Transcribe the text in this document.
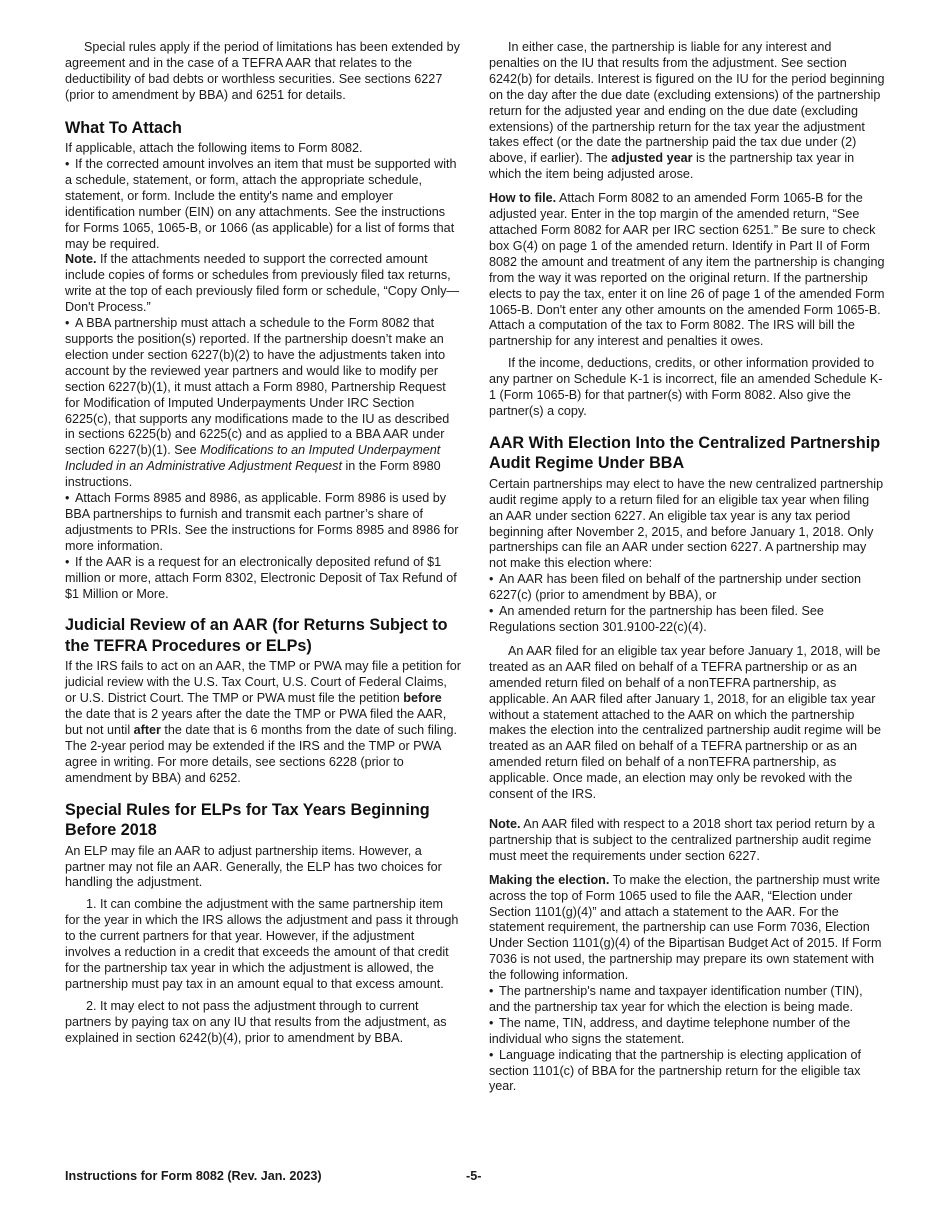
Special rules apply if the period of limitations has been extended by agreement and in the case of a TEFRA AAR that relates to the deductibility of bad debts or worthless securities. See sections 6227 (prior to amendment by BBA) and 6251 for details.

What To Attach

If applicable, attach the following items to Form 8082.

• If the corrected amount involves an item that must be supported with a schedule, statement, or form, attach the appropriate schedule, statement, or form. Include the entity's name and employer identification number (EIN) on any attachments. See the instructions for Forms 1065, 1065-B, or 1066 (as applicable) for a list of forms that may be required.

Note. If the attachments needed to support the corrected amount include copies of forms or schedules from previously filed tax returns, write at the top of each previously filed form or schedule, “Copy Only—Don't Process.”

• A BBA partnership must attach a schedule to the Form 8082 that supports the position(s) reported. If the partnership doesn’t make an election under section 6227(b)(2) to have the adjustments taken into account by the reviewed year partners and would like to modify per section 6227(b)(1), it must attach a Form 8980, Partnership Request for Modification of Imputed Underpayments Under IRC Section 6225(c), that supports any modifications made to the IU as described in sections 6225(b) and 6225(c) and as applied to a BBA AAR under section 6227(b)(1). See Modifications to an Imputed Underpayment Included in an Administrative Adjustment Request in the Form 8980 instructions.

• Attach Forms 8985 and 8986, as applicable. Form 8986 is used by BBA partnerships to furnish and transmit each partner’s share of adjustments to PRIs. See the instructions for Forms 8985 and 8986 for more information.

• If the AAR is a request for an electronically deposited refund of $1 million or more, attach Form 8302, Electronic Deposit of Tax Refund of $1 Million or More.

Judicial Review of an AAR (for Returns Subject to the TEFRA Procedures or ELPs)

If the IRS fails to act on an AAR, the TMP or PWA may file a petition for judicial review with the U.S. Tax Court, U.S. Court of Federal Claims, or U.S. District Court. The TMP or PWA must file the petition before the date that is 2 years after the date the TMP or PWA filed the AAR, but not until after the date that is 6 months from the date of such filing. The 2-year period may be extended if the IRS and the TMP or PWA agree in writing. For more details, see sections 6228 (prior to amendment by BBA) and 6252.

Special Rules for ELPs for Tax Years Beginning Before 2018

An ELP may file an AAR to adjust partnership items. However, a partner may not file an AAR. Generally, the ELP has two choices for handling the adjustment.

1. It can combine the adjustment with the same partnership item for the year in which the IRS allows the adjustment and pass it through to the current partners for that year. However, if the adjustment involves a reduction in a credit that exceeds the amount of that credit for the partnership tax year in which the adjustment is allowed, the partnership must pay tax in an amount equal to that excess amount.

2. It may elect to not pass the adjustment through to current partners by paying tax on any IU that results from the adjustment, as explained in section 6242(b)(4), prior to amendment by BBA.

In either case, the partnership is liable for any interest and penalties on the IU that results from the adjustment. See section 6242(b) for details. Interest is figured on the IU for the period beginning on the day after the due date (excluding extensions) of the partnership return for the adjusted year and ending on the due date (excluding extensions) of the partnership return for the tax year the adjustment takes effect (or the date the partnership paid the tax due under (2) above, if earlier). The adjusted year is the partnership tax year in which the item being adjusted arose.

How to file. Attach Form 8082 to an amended Form 1065-B for the adjusted year. Enter in the top margin of the amended return, “See attached Form 8082 for AAR per IRC section 6251.” Be sure to check box G(4) on page 1 of the amended return. Identify in Part II of Form 8082 the amount and treatment of any item the partnership is changing from the way it was reported on the original return. If the partnership elects to pay the tax, enter it on line 26 of page 1 of the amended Form 1065-B. Don't enter any other amounts on the amended Form 1065-B. Attach a computation of the tax to Form 8082. The IRS will bill the partnership for any interest and penalties it owes.

If the income, deductions, credits, or other information provided to any partner on Schedule K-1 is incorrect, file an amended Schedule K-1 (Form 1065-B) for that partner(s) with Form 8082. Also give the partner(s) a copy.

AAR With Election Into the Centralized Partnership Audit Regime Under BBA

Certain partnerships may elect to have the new centralized partnership audit regime apply to a return filed for an eligible tax year when filing an AAR under section 6227. An eligible tax year is any tax period beginning after November 2, 2015, and before January 1, 2018. Only partnerships can file an AAR under section 6227. A partnership may not make this election where:

• An AAR has been filed on behalf of the partnership under section 6227(c) (prior to amendment by BBA), or

• An amended return for the partnership has been filed. See Regulations section 301.9100-22(c)(4).

An AAR filed for an eligible tax year before January 1, 2018, will be treated as an AAR filed on behalf of a TEFRA partnership or as an amended return filed on behalf of a nonTEFRA partnership, as applicable. An AAR filed after January 1, 2018, for an eligible tax year without a statement attached to the AAR on which the partnership makes the election into the centralized partnership audit regime will be treated as an AAR filed on behalf of a TEFRA partnership or as an amended return filed on behalf of a nonTEFRA partnership, as applicable. Once made, an election may only be revoked with the consent of the IRS.

Note. An AAR filed with respect to a 2018 short tax period return by a partnership that is subject to the centralized partnership audit regime must meet the requirements under section 6227.

Making the election. To make the election, the partnership must write across the top of Form 1065 used to file the AAR, “Election under Section 1101(g)(4)” and attach a statement to the AAR. For the statement requirement, the partnership can use Form 7036, Election Under Section 1101(g)(4) of the Bipartisan Budget Act of 2015. If Form 7036 is not used, the partnership may prepare its own statement with the following information.

• The partnership's name and taxpayer identification number (TIN), and the partnership tax year for which the election is being made.

• The name, TIN, address, and daytime telephone number of the individual who signs the statement.

• Language indicating that the partnership is electing application of section 1101(c) of BBA for the partnership return for the eligible tax year.

Instructions for Form 8082 (Rev. Jan. 2023)	-5-
